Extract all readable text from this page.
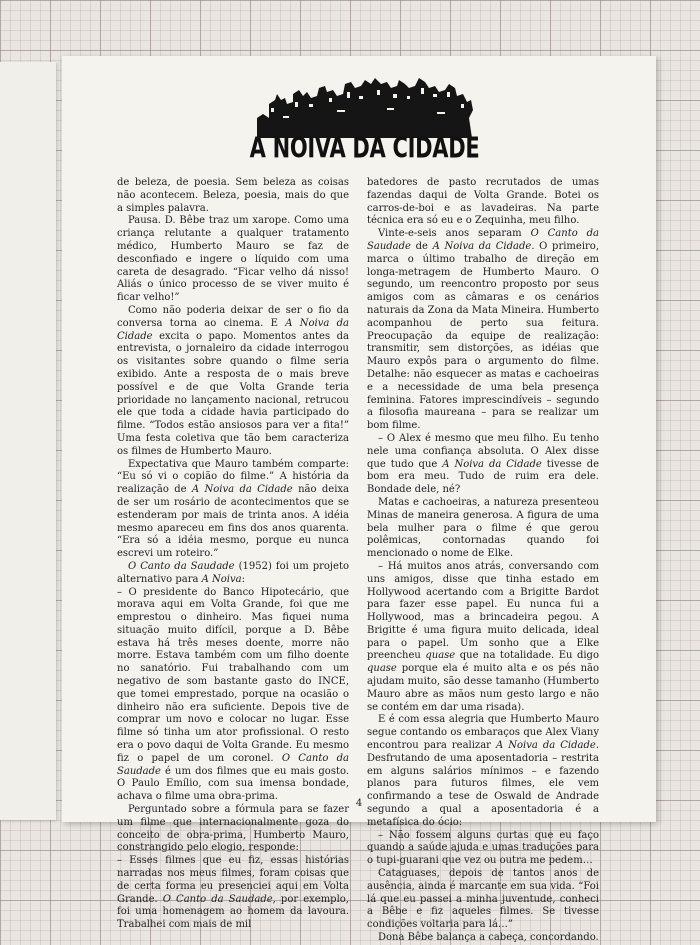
A NOIVA DA CIDADE

de beleza, de poesia. Sem beleza as coisas não acontecem. Beleza, poesia, mais do que a simples palavra.

Pausa. D. Bêbe traz um xarope. Como uma criança relutante a qualquer tratamento médico, Humberto Mauro se faz de desconfiado e ingere o líquido com uma careta de desagrado. “Ficar velho dá nisso! Aliás o único processo de se viver muito é ficar velho!”

Como não poderia deixar de ser o fio da conversa torna ao cinema. E A Noiva da Cidade excita o papo. Momentos antes da entrevista, o jornaleiro da cidade interrogou os visitantes sobre quando o filme seria exibido. Ante a resposta de o mais breve possível e de que Volta Grande teria prioridade no lançamento nacional, retrucou ele que toda a cidade havia participado do filme. “Todos estão ansiosos para ver a fita!” Uma festa coletiva que tão bem caracteriza os filmes de Humberto Mauro.

Expectativa que Mauro também comparte: “Eu só vi o copião do filme.” A história da realização de A Noiva da Cidade não deixa de ser um rosário de acontecimentos que se estenderam por mais de trinta anos. A idéia mesmo apareceu em fins dos anos quarenta. “Era só a idéia mesmo, porque eu nunca escrevi um roteiro.”

O Canto da Saudade (1952) foi um projeto alternativo para A Noiva:

– O presidente do Banco Hipotecário, que morava aqui em Volta Grande, foi que me emprestou o dinheiro. Mas fiquei numa situação muito difícil, porque a D. Bêbe estava há três meses doente, morre não morre. Estava também com um filho doente no sanatório. Fui trabalhando com um negativo de som bastante gasto do INCE, que tomei emprestado, porque na ocasião o dinheiro não era suficiente. Depois tive de comprar um novo e colocar no lugar. Esse filme só tinha um ator profissional. O resto era o povo daqui de Volta Grande. Eu mesmo fiz o papel de um coronel. O Canto da Saudade é um dos filmes que eu mais gosto. O Paulo Emílio, com sua imensa bondade, achava o filme uma obra-prima.

Perguntado sobre a fórmula para se fazer um filme que internacionalmente goza do conceito de obra-prima, Humberto Mauro, constrangido pelo elogio, responde:

– Esses filmes que eu fiz, essas histórias narradas nos meus filmes, foram coisas que de certa forma eu presenciei aqui em Volta Grande. O Canto da Saudade, por exemplo, foi uma homenagem ao homem da lavoura. Trabalhei com mais de mil

batedores de pasto recrutados de umas fazendas daqui de Volta Grande. Botei os carros-de-boi e as lavadeiras. Na parte técnica era só eu e o Zequinha, meu filho.

Vinte-e-seis anos separam O Canto da Saudade de A Noiva da Cidade. O primeiro, marca o último trabalho de direção em longa-metragem de Humberto Mauro. O segundo, um reencontro proposto por seus amigos com as câmaras e os cenários naturais da Zona da Mata Mineira. Humberto acompanhou de perto sua feitura. Preocupação da equipe de realização: transmitir, sem distorções, as idéias que Mauro expôs para o argumento do filme. Detalhe: não esquecer as matas e cachoeiras e a necessidade de uma bela presença feminina. Fatores imprescindíveis – segundo a filosofia maureana – para se realizar um bom filme.

– O Alex é mesmo que meu filho. Eu tenho nele uma confiança absoluta. O Alex disse que tudo que A Noiva da Cidade tivesse de bom era meu. Tudo de ruim era dele. Bondade dele, né?

Matas e cachoeiras, a natureza presenteou Minas de maneira generosa. A figura de uma bela mulher para o filme é que gerou polêmicas, contornadas quando foi mencionado o nome de Elke.

– Há muitos anos atrás, conversando com uns amigos, disse que tinha estado em Hollywood acertando com a Brigitte Bardot para fazer esse papel. Eu nunca fui a Hollywood, mas a brincadeira pegou. A Brigitte é uma figura muito delicada, ideal para o papel. Um sonho que a Elke preencheu quase que na totalidade. Eu digo quase porque ela é muito alta e os pés não ajudam muito, são desse tamanho (Humberto Mauro abre as mãos num gesto largo e não se contém em dar uma risada).

E é com essa alegria que Humberto Mauro segue contando os embaraços que Alex Viany encontrou para realizar A Noiva da Cidade. Desfrutando de uma aposentadoria – restrita em alguns salários mínimos – e fazendo planos para futuros filmes, ele vem confirmando a tese de Oswald de Andrade segundo a qual a aposentadoria é a metafísica do ócio:

– Não fossem alguns curtas que eu faço quando a saúde ajuda e umas traduções para o tupi-guarani que vez ou outra me pedem…

Cataguases, depois de tantos anos de ausência, ainda é marcante em sua vida. “Foi lá que eu passei a minha juventude, conheci a Bêbe e fiz aqueles filmes. Se tivesse condições voltaria para lá…”

Dona Bêbe balança a cabeça, concordando.

4
